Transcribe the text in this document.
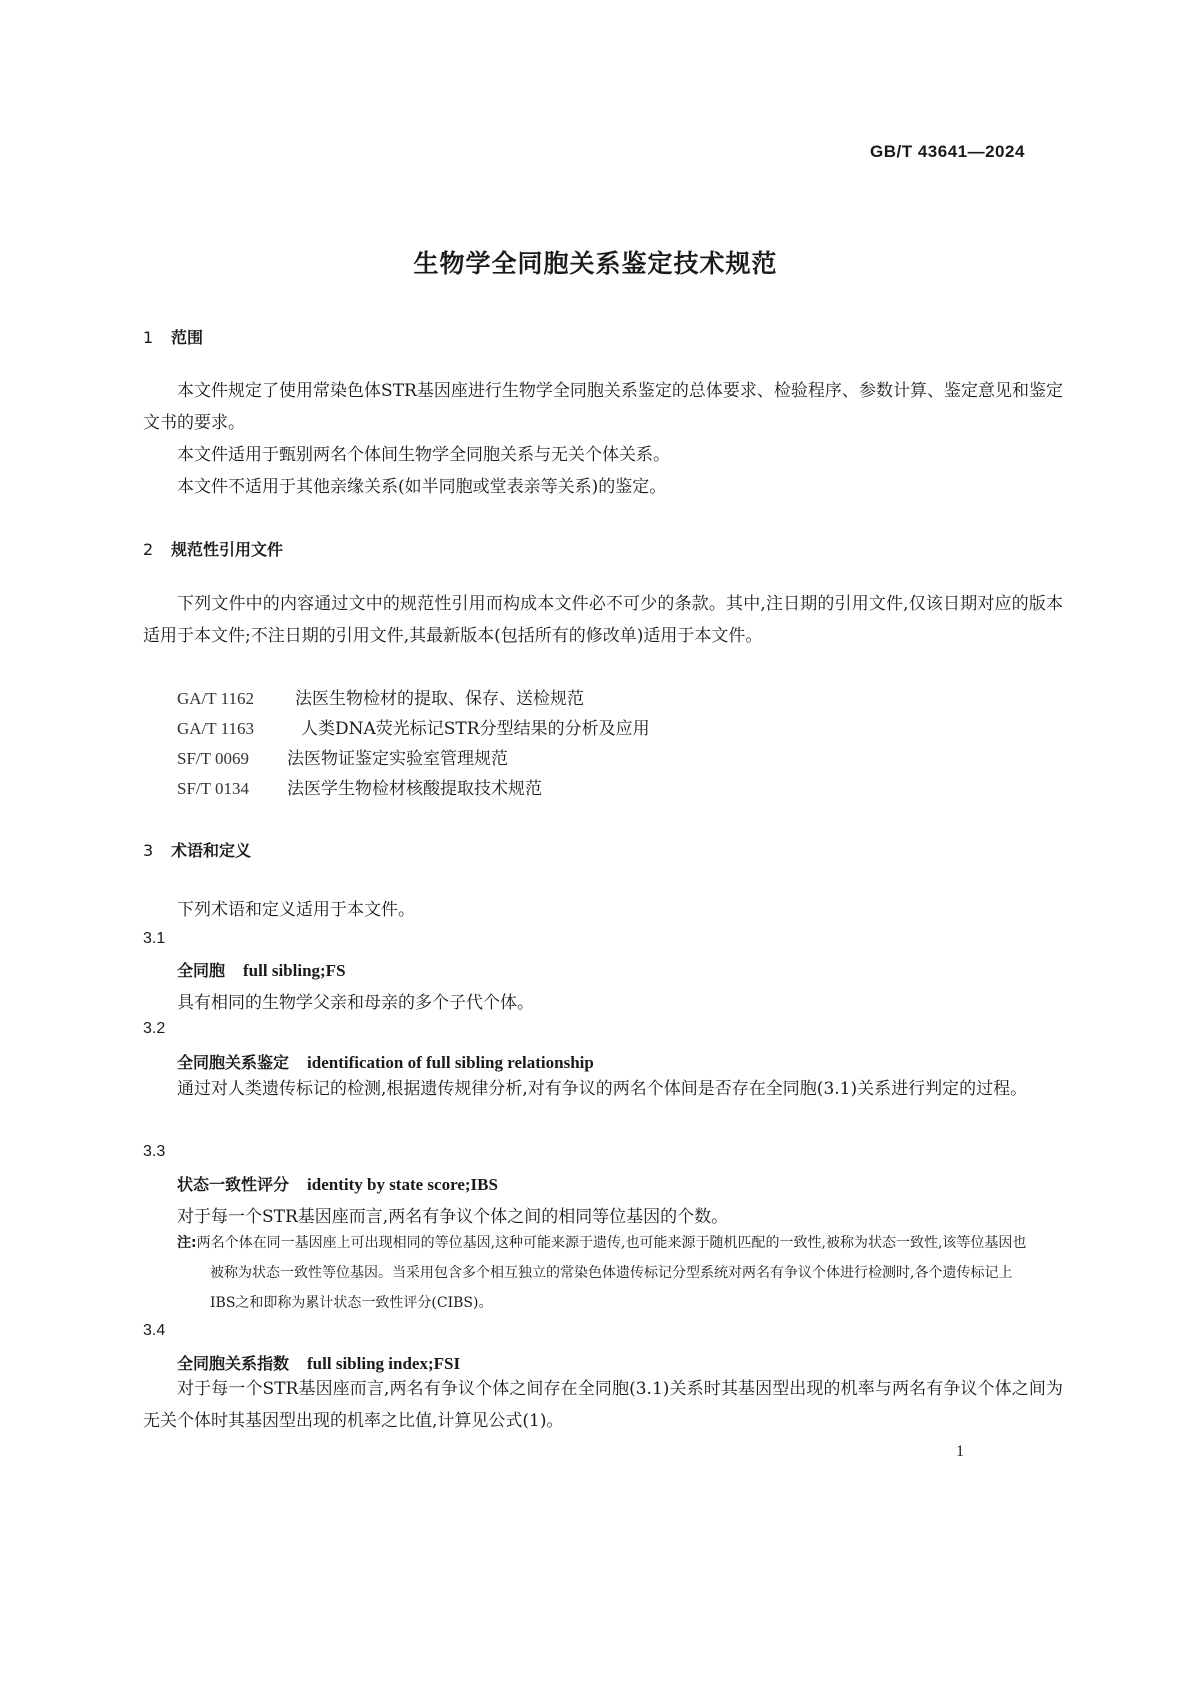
GB/T 43641—2024
生物学全同胞关系鉴定技术规范
1 范围
本文件规定了使用常染色体STR基因座进行生物学全同胞关系鉴定的总体要求、检验程序、参数计算、鉴定意见和鉴定文书的要求。
本文件适用于甄别两名个体间生物学全同胞关系与无关个体关系。
本文件不适用于其他亲缘关系(如半同胞或堂表亲等关系)的鉴定。
2 规范性引用文件
下列文件中的内容通过文中的规范性引用而构成本文件必不可少的条款。其中,注日期的引用文件,仅该日期对应的版本适用于本文件;不注日期的引用文件,其最新版本(包括所有的修改单)适用于本文件。
GA/T 1162 法医生物检材的提取、保存、送检规范
GA/T 1163	人类DNA荧光标记STR分型结果的分析及应用
SF/T 0069 法医物证鉴定实验室管理规范
SF/T 0134 法医学生物检材核酸提取技术规范
3 术语和定义
下列术语和定义适用于本文件。
3.1
全同胞 full sibling;FS
具有相同的生物学父亲和母亲的多个子代个体。
3.2
全同胞关系鉴定 identification of full sibling relationship
通过对人类遗传标记的检测,根据遗传规律分析,对有争议的两名个体间是否存在全同胞(3.1)关系进行判定的过程。
3.3
状态一致性评分 identity by state score;IBS
对于每一个STR基因座而言,两名有争议个体之间的相同等位基因的个数。
注:两名个体在同一基因座上可出现相同的等位基因,这种可能来源于遗传,也可能来源于随机匹配的一致性,被称为状态一致性,该等位基因也被称为状态一致性等位基因。当采用包含多个相互独立的常染色体遗传标记分型系统对两名有争议个体进行检测时,各个遗传标记上IBS之和即称为累计状态一致性评分(CIBS)。
3.4
全同胞关系指数 full sibling index;FSI
对于每一个STR基因座而言,两名有争议个体之间存在全同胞(3.1)关系时其基因型出现的机率与两名有争议个体之间为无关个体时其基因型出现的机率之比值,计算见公式(1)。
1
